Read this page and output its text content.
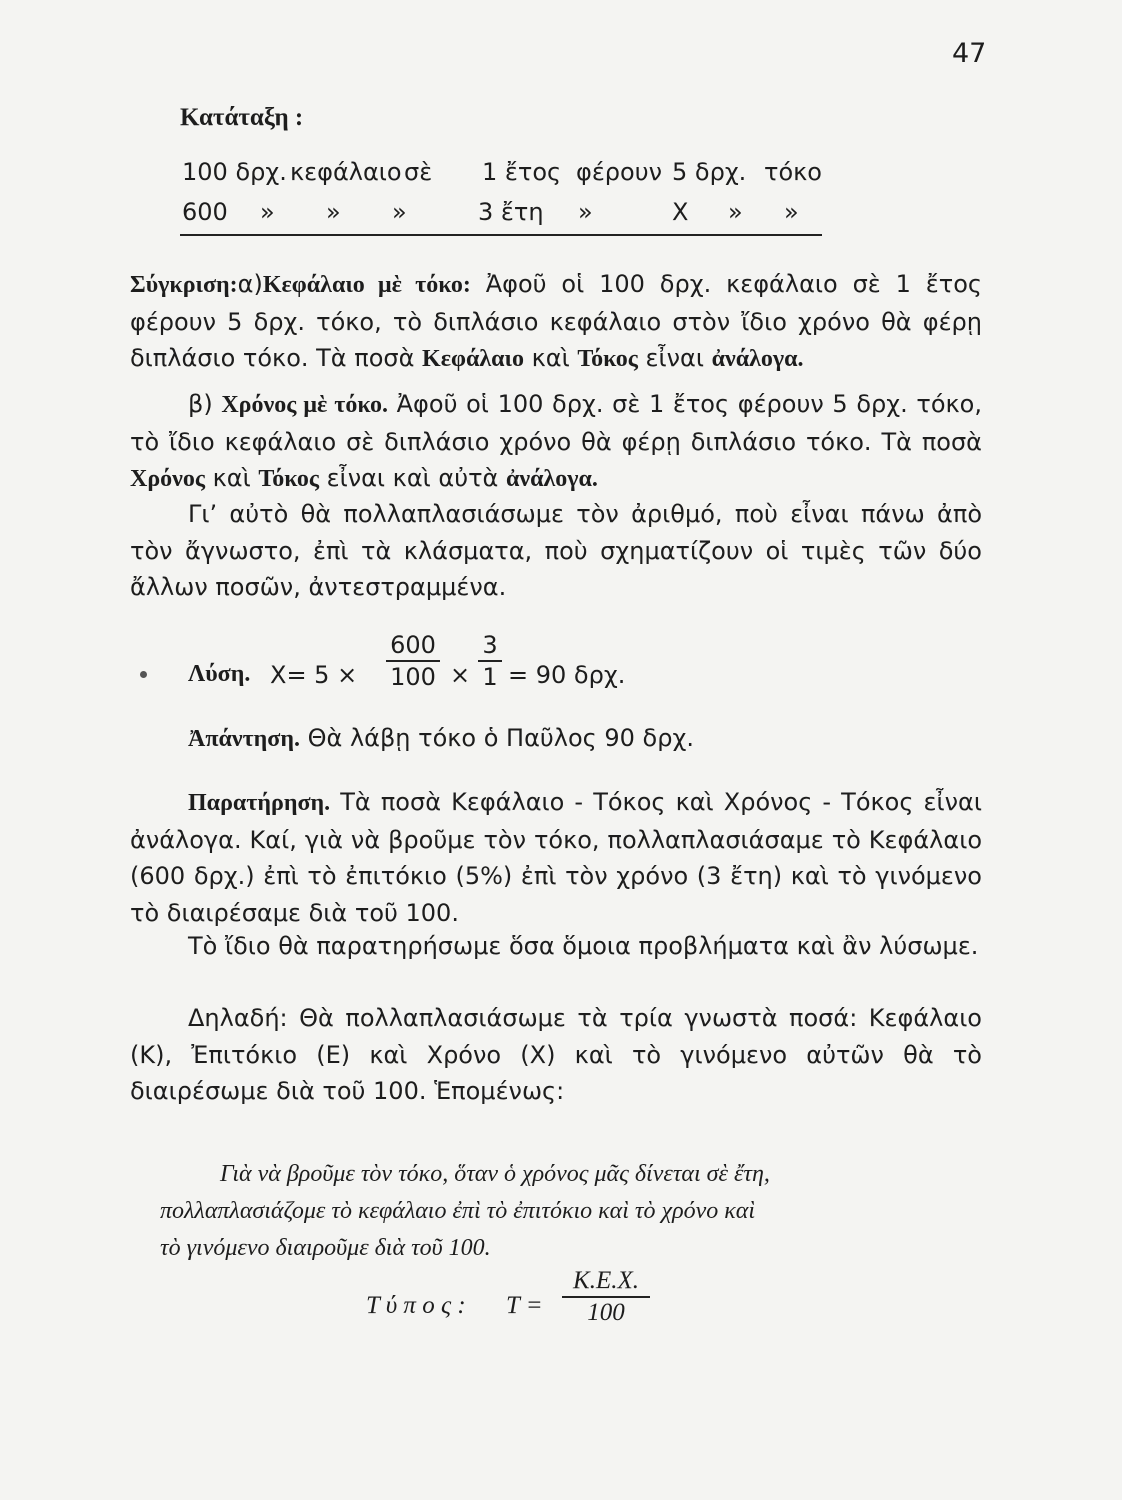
47
Κατάταξη :
100 δρχ. κεφάλαιο σὲ 1 ἔτος φέρουν 5 δρχ. τόκο
600 » » »	3 ἔτη »	Χ » »
Σύγκριση:α)Κεφάλαιο μὲ τόκο: Ἀφοῦ οἱ 100 δρχ. κεφάλαιο σὲ 1 ἔτος φέρουν 5 δρχ. τόκο, τὸ διπλάσιο κεφάλαιο στὸν ἴδιο χρόνο θὰ φέρῃ διπλάσιο τόκο. Τὰ ποσὰ Κεφάλαιο καὶ Τόκος εἶναι ἀνάλογα.
β) Χρόνος μὲ τόκο. Ἀφοῦ οἱ 100 δρχ. σὲ 1 ἔτος φέρουν 5 δρχ. τόκο, τὸ ἴδιο κεφάλαιο σὲ διπλάσιο χρόνο θὰ φέρῃ διπλάσιο τόκο. Τὰ ποσὰ Χρόνος καὶ Τόκος εἶναι καὶ αὐτὰ ἀνάλογα.
Γι’ αὐτὸ θὰ πολλαπλασιάσωμε τὸν ἀριθμό, ποὺ εἶναι πάνω ἀπὸ τὸν ἄγνωστο, ἐπὶ τὰ κλάσματα, ποὺ σχηματίζουν οἱ τιμὲς τῶν δύο ἄλλων ποσῶν, ἀντεστραμμένα.
Λύση. $X= 5 \times \frac{600}{100} \times \frac{3}{1} = 90$ δρχ.
Ἀπάντηση. Θὰ λάβῃ τόκο ὁ Παῦλος 90 δρχ.
Παρατήρηση. Τὰ ποσὰ Κεφάλαιο - Τόκος καὶ Χρόνος - Τόκος εἶναι ἀνάλογα. Καί, γιὰ νὰ βροῦμε τὸν τόκο, πολλαπλασιάσαμε τὸ Κεφάλαιο (600 δρχ.) ἐπὶ τὸ ἐπιτόκιο (5%) ἐπὶ τὸν χρόνο (3 ἔτη) καὶ τὸ γινόμενο τὸ διαιρέσαμε διὰ τοῦ 100.
Τὸ ἴδιο θὰ παρατηρήσωμε ὅσα ὅμοια προβλήματα καὶ ἂν λύσωμε.
Δηλαδή: Θὰ πολλαπλασιάσωμε τὰ τρία γνωστὰ ποσά: Κεφάλαιο (Κ), Ἐπιτόκιο (Ε) καὶ Χρόνο (Χ) καὶ τὸ γινόμενο αὐτῶν θὰ τὸ διαιρέσωμε διὰ τοῦ 100. Ἑπομένως:
Γιὰ νὰ βροῦμε τὸν τόκο, ὅταν ὁ χρόνος μᾶς δίνεται σὲ ἔτη,
πολλαπλασιάζομε τὸ κεφάλαιο ἐπὶ τὸ ἐπιτόκιο καὶ τὸ χρόνο καὶ
τὸ γινόμενο διαιροῦμε διὰ τοῦ 100.
Τ ύ π ο ς : $T = \frac{K.E.X.}{100}$
